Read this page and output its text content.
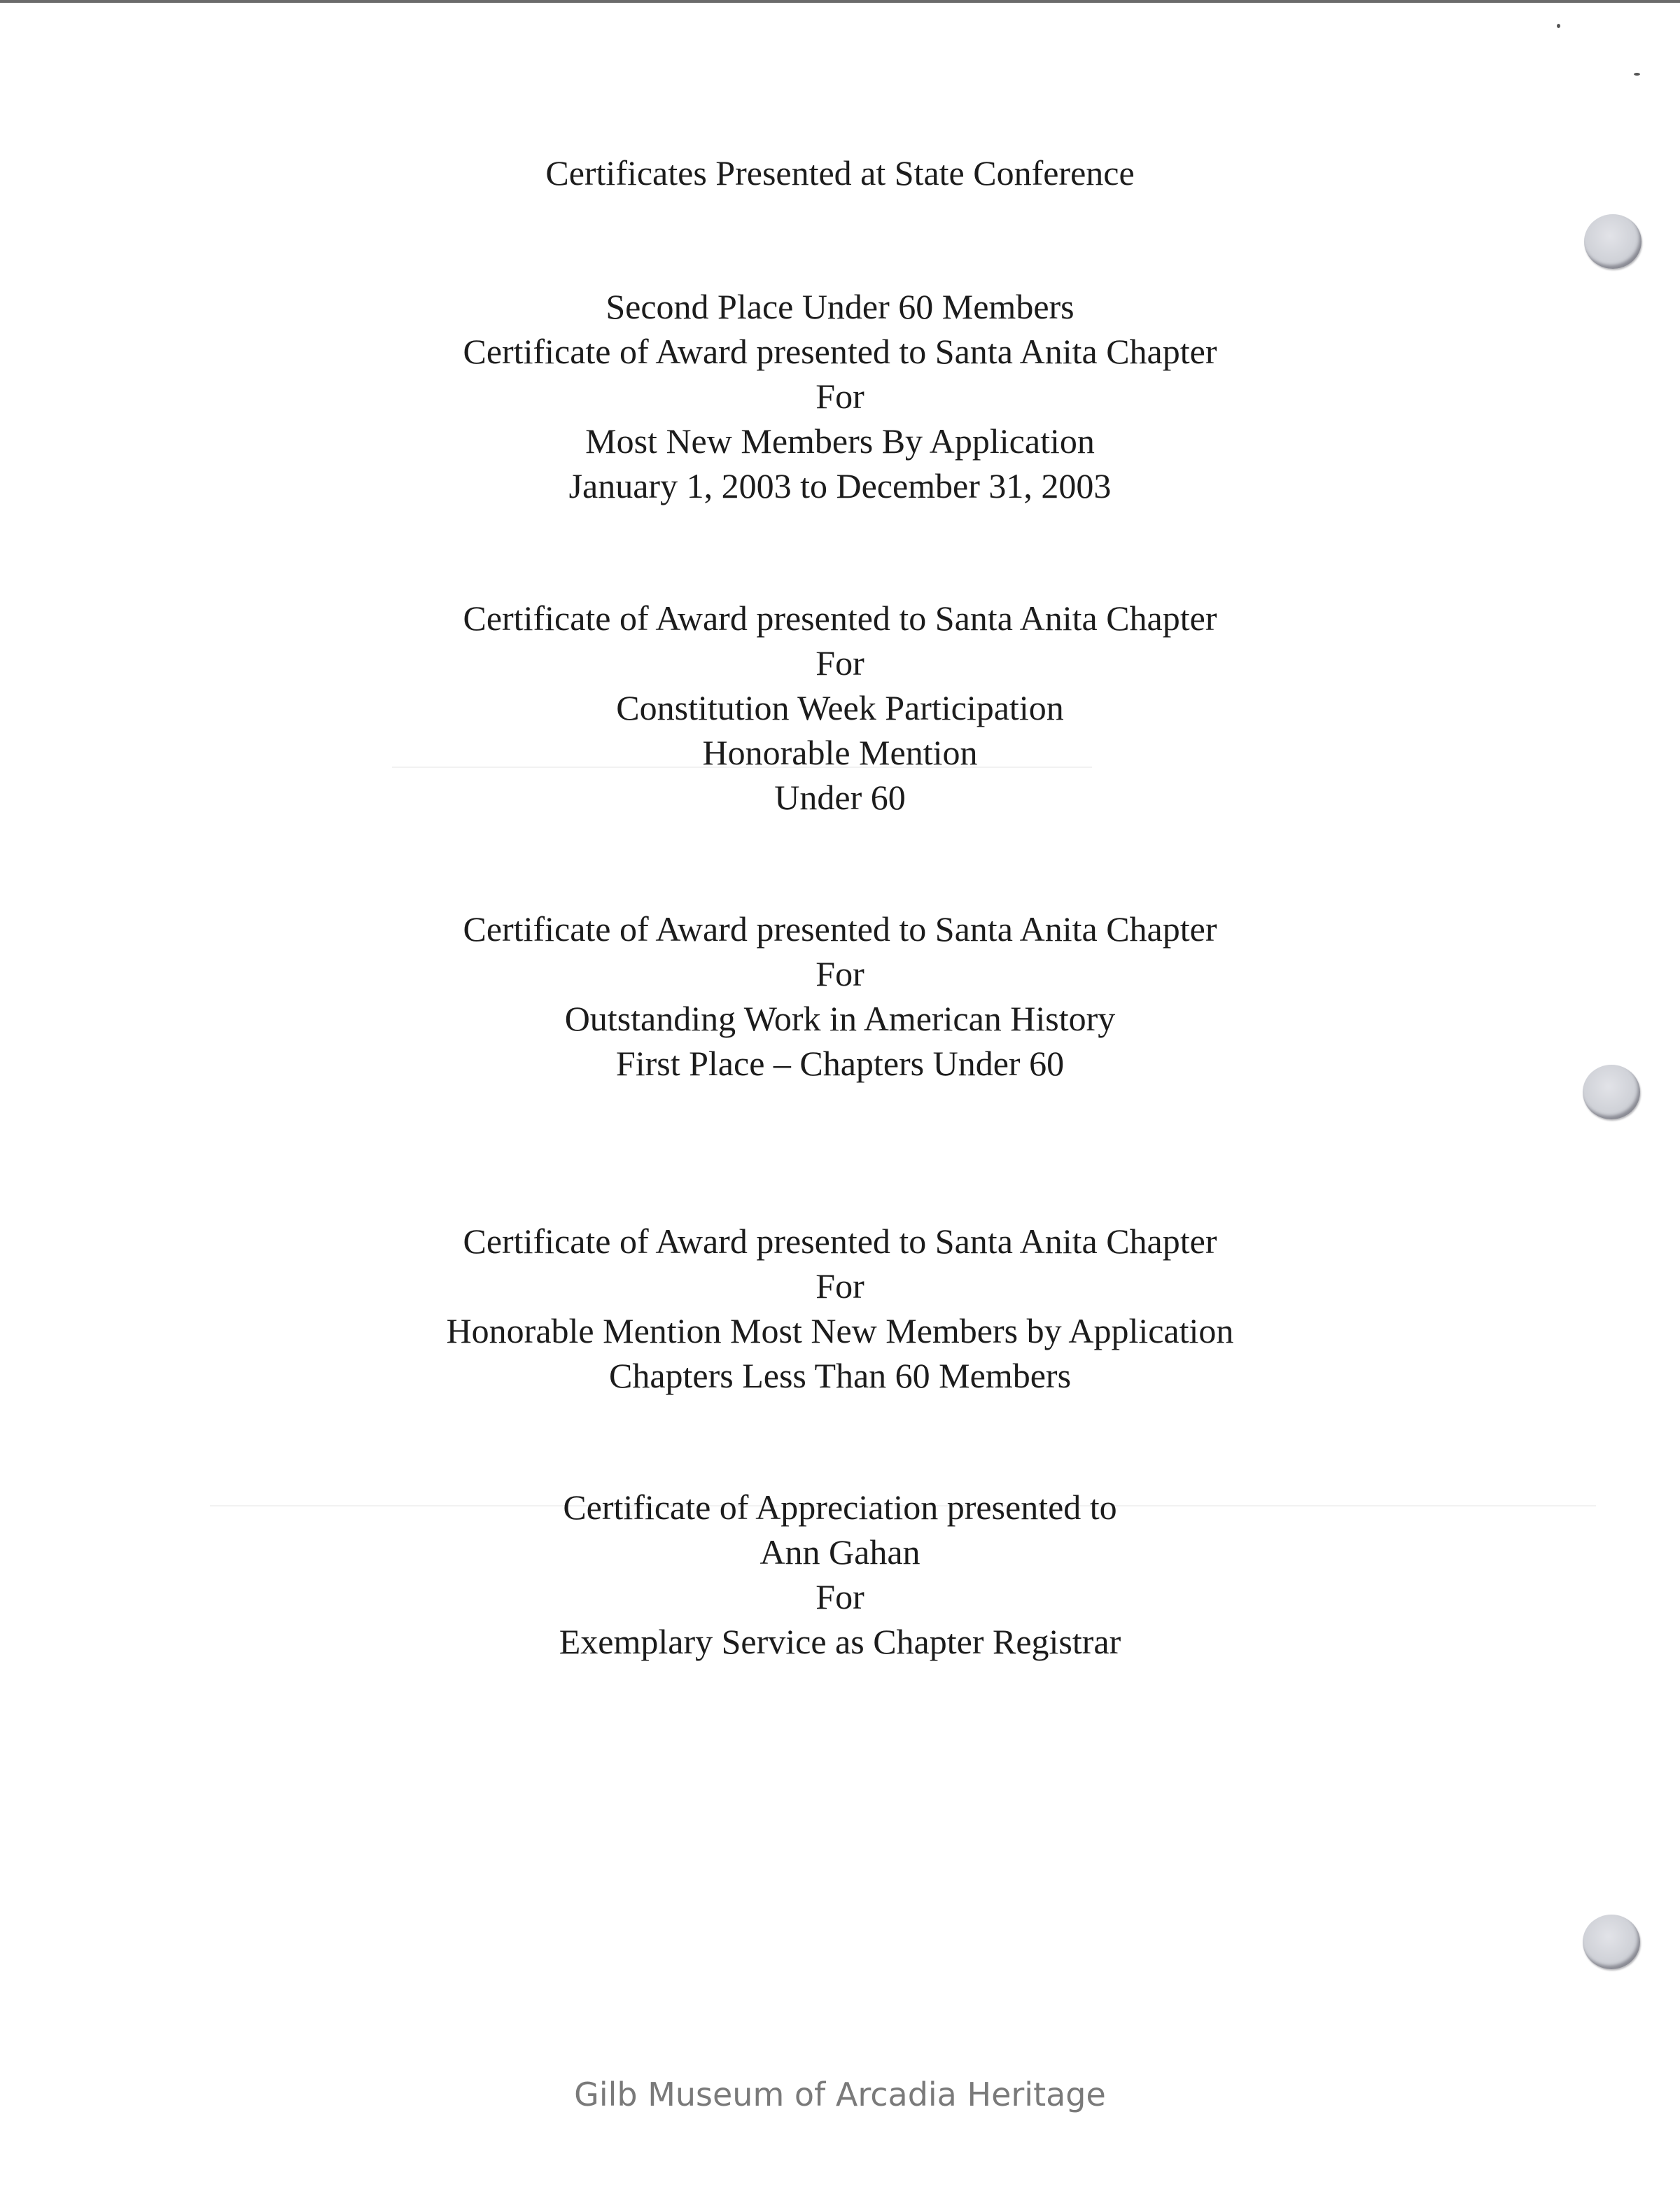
Certificates Presented at State Conference
Second Place Under 60 Members
Certificate of Award presented to Santa Anita Chapter
For
Most New Members By Application
January 1, 2003 to December 31, 2003
Certificate of Award presented to Santa Anita Chapter
For
Constitution Week Participation
Honorable Mention
Under 60
Certificate of Award presented to Santa Anita Chapter
For
Outstanding Work in American History
First Place – Chapters Under 60
Certificate of Award presented to Santa Anita Chapter
For
Honorable Mention Most New Members by Application
Chapters Less Than 60 Members
Certificate of Appreciation presented to
Ann Gahan
For
Exemplary Service as Chapter Registrar
Gilb Museum of Arcadia Heritage
